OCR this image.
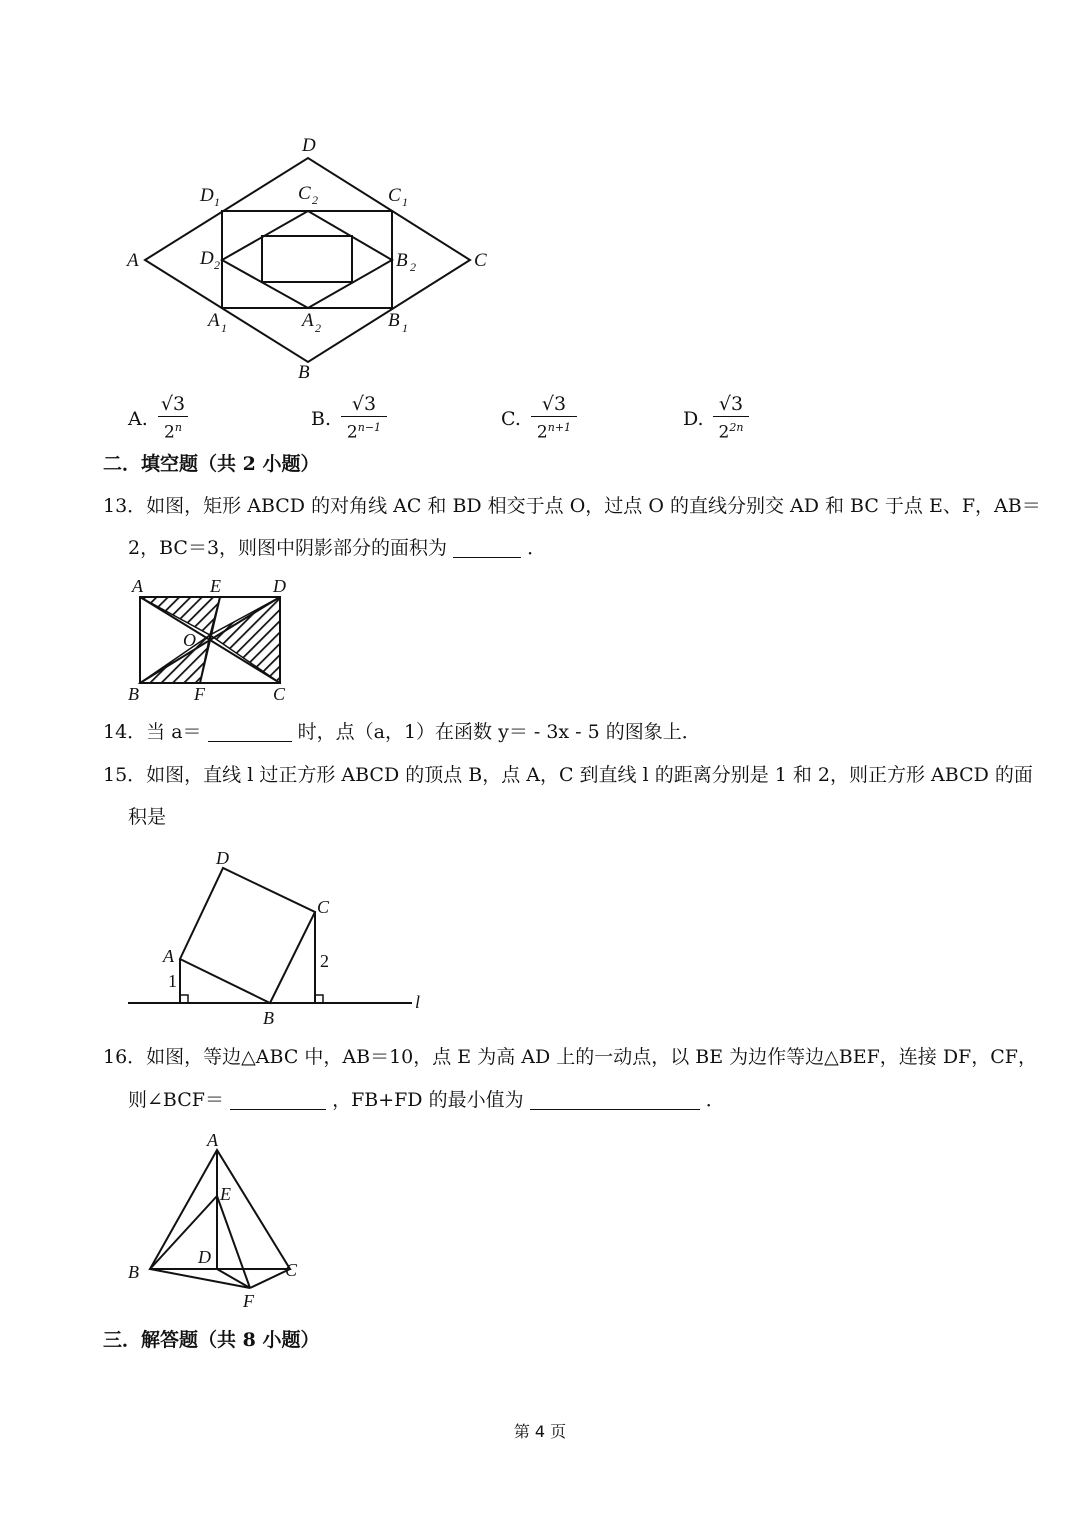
D
D 1	C 2	C 1
A	D 2	B 2	C
A 1	A 2	B 1
B
A.
√3
2$^n$	B.
√3
$2^{n-1}$	C.
√3
$2^{n+1}$	D.
√3
$2^{2n}$
二．填空题（共 2 小题）
13．如图，矩形 ABCD 的对角线 AC 和 BD 相交于点 O，过点 O 的直线分别交 AD 和 BC 于点 E、F，AB＝
2，BC＝3，则图中阴影部分的面积为	．
A	E	D
O
B	F	C
14．当 a＝	时，点（a，1）在函数 y＝ - 3x - 5 的图象上．
15．如图，直线 l 过正方形 ABCD 的顶点 B，点 A，C 到直线 l 的距离分别是 1 和 2，则正方形 ABCD 的面
积是
D
C
A
1
2
B
l
16．如图，等边△ABC 中，AB＝10，点 E 为高 AD 上的一动点，以 BE 为边作等边△BEF，连接 DF，CF，
则∠BCF＝	，FB+FD 的最小值为	．
A
E
B
D
C
F
三．解答题（共 8 小题）
第 4 页
